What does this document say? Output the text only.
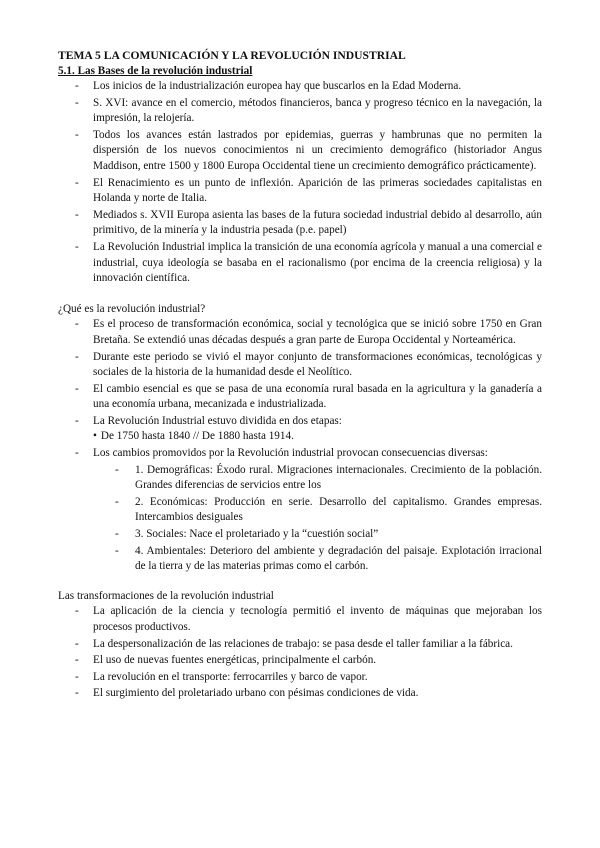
TEMA 5 LA COMUNICACIÓN Y LA REVOLUCIÓN INDUSTRIAL

5.1. Las Bases de la revolución industrial

- Los inicios de la industrialización europea hay que buscarlos en la Edad Moderna.
- S. XVI: avance en el comercio, métodos financieros, banca y progreso técnico en la navegación, la impresión, la relojería.
- Todos los avances están lastrados por epidemias, guerras y hambrunas que no permiten la dispersión de los nuevos conocimientos ni un crecimiento demográfico (historiador Angus Maddison, entre 1500 y 1800 Europa Occidental tiene un crecimiento demográfico prácticamente).
- El Renacimiento es un punto de inflexión. Aparición de las primeras sociedades capitalistas en Holanda y norte de Italia.
- Mediados s. XVII Europa asienta las bases de la futura sociedad industrial debido al desarrollo, aún primitivo, de la minería y la industria pesada (p.e. papel)
- La Revolución Industrial implica la transición de una economía agrícola y manual a una comercial e industrial, cuya ideología se basaba en el racionalismo (por encima de la creencia religiosa) y la innovación científica.

¿Qué es la revolución industrial?

- Es el proceso de transformación económica, social y tecnológica que se inició sobre 1750 en Gran Bretaña. Se extendió unas décadas después a gran parte de Europa Occidental y Norteamérica.
- Durante este periodo se vivió el mayor conjunto de transformaciones económicas, tecnológicas y sociales de la historia de la humanidad desde el Neolítico.
- El cambio esencial es que se pasa de una economía rural basada en la agricultura y la ganadería a una economía urbana, mecanizada e industrializada.
- La Revolución Industrial estuvo dividida en dos etapas:
• De 1750 hasta 1840 // De 1880 hasta 1914.
- Los cambios promovidos por la Revolución industrial provocan consecuencias diversas:
- 1. Demográficas: Éxodo rural. Migraciones internacionales. Crecimiento de la población. Grandes diferencias de servicios entre los
- 2. Económicas: Producción en serie. Desarrollo del capitalismo. Grandes empresas. Intercambios desiguales
- 3. Sociales: Nace el proletariado y la “cuestión social”
- 4. Ambientales: Deterioro del ambiente y degradación del paisaje. Explotación irracional de la tierra y de las materias primas como el carbón.

Las transformaciones de la revolución industrial

- La aplicación de la ciencia y tecnología permitió el invento de máquinas que mejoraban los procesos productivos.
- La despersonalización de las relaciones de trabajo: se pasa desde el taller familiar a la fábrica.
- El uso de nuevas fuentes energéticas, principalmente el carbón.
- La revolución en el transporte: ferrocarriles y barco de vapor.
- El surgimiento del proletariado urbano con pésimas condiciones de vida.
